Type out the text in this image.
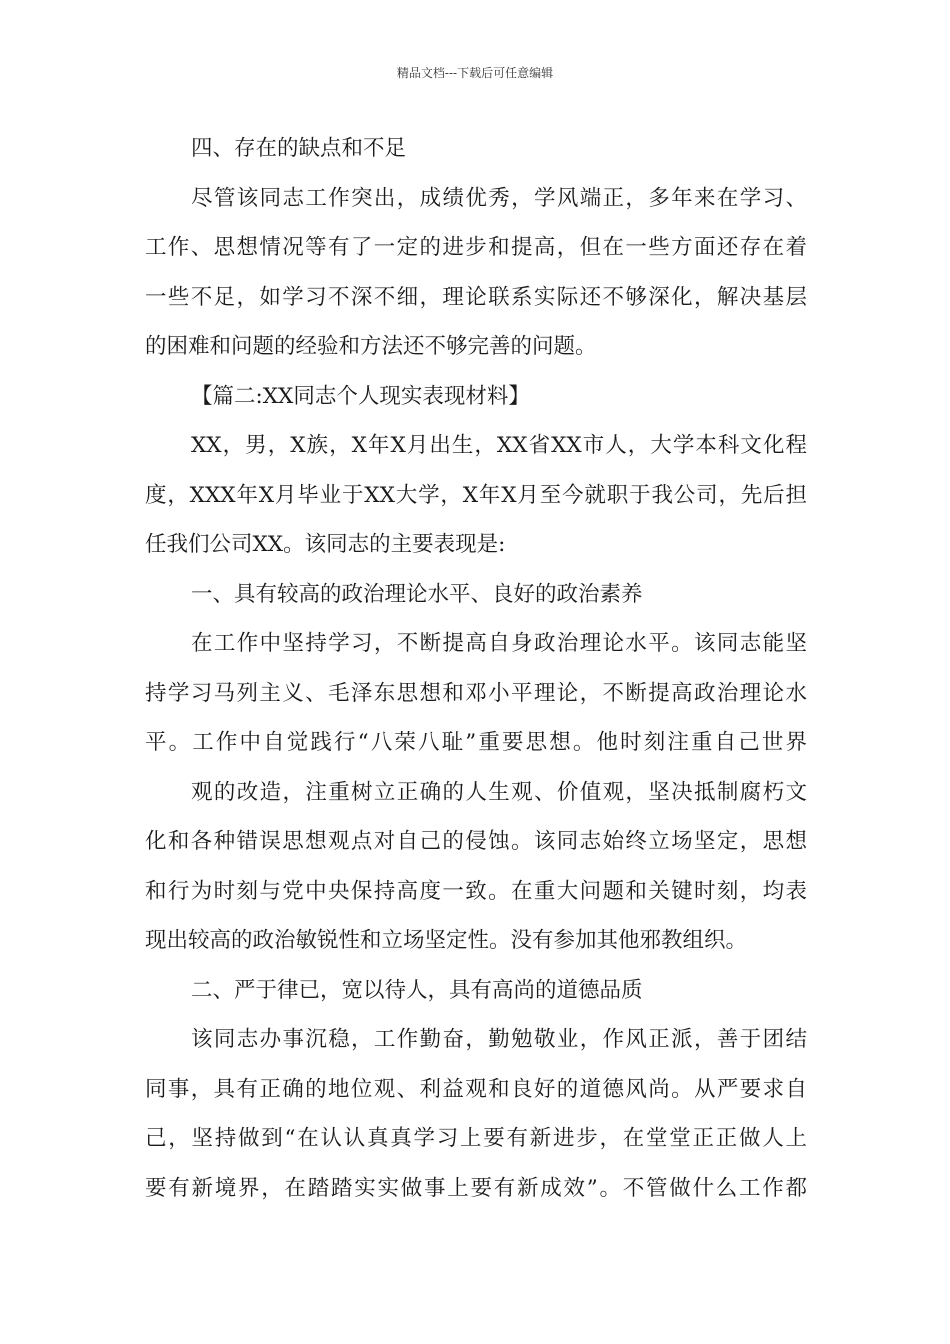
精品文档---下载后可任意编辑
四、存在的缺点和不足
尽管该同志工作突出，成绩优秀，学风端正，多年来在学习、
工作、思想情况等有了一定的进步和提高，但在一些方面还存在着
一些不足，如学习不深不细，理论联系实际还不够深化，解决基层
的困难和问题的经验和方法还不够完善的问题。
【篇二:XX同志个人现实表现材料】
XX，男，X族，X年X月出生，XX省XX市人，大学本科文化程
度，XXX年X月毕业于XX大学，X年X月至今就职于我公司，先后担
任我们公司XX。该同志的主要表现是:
一、具有较高的政治理论水平、良好的政治素养
在工作中坚持学习，不断提高自身政治理论水平。该同志能坚
持学习马列主义、毛泽东思想和邓小平理论，不断提高政治理论水
平。工作中自觉践行“八荣八耻”重要思想。他时刻注重自己世界
观的改造，注重树立正确的人生观、价值观，坚决抵制腐朽文
化和各种错误思想观点对自己的侵蚀。该同志始终立场坚定，思想
和行为时刻与党中央保持高度一致。在重大问题和关键时刻，均表
现出较高的政治敏锐性和立场坚定性。没有参加其他邪教组织。
二、严于律已，宽以待人，具有高尚的道德品质
该同志办事沉稳，工作勤奋，勤勉敬业，作风正派，善于团结
同事，具有正确的地位观、利益观和良好的道德风尚。从严要求自
己，坚持做到“在认认真真学习上要有新进步，在堂堂正正做人上
要有新境界，在踏踏实实做事上要有新成效”。不管做什么工作都
